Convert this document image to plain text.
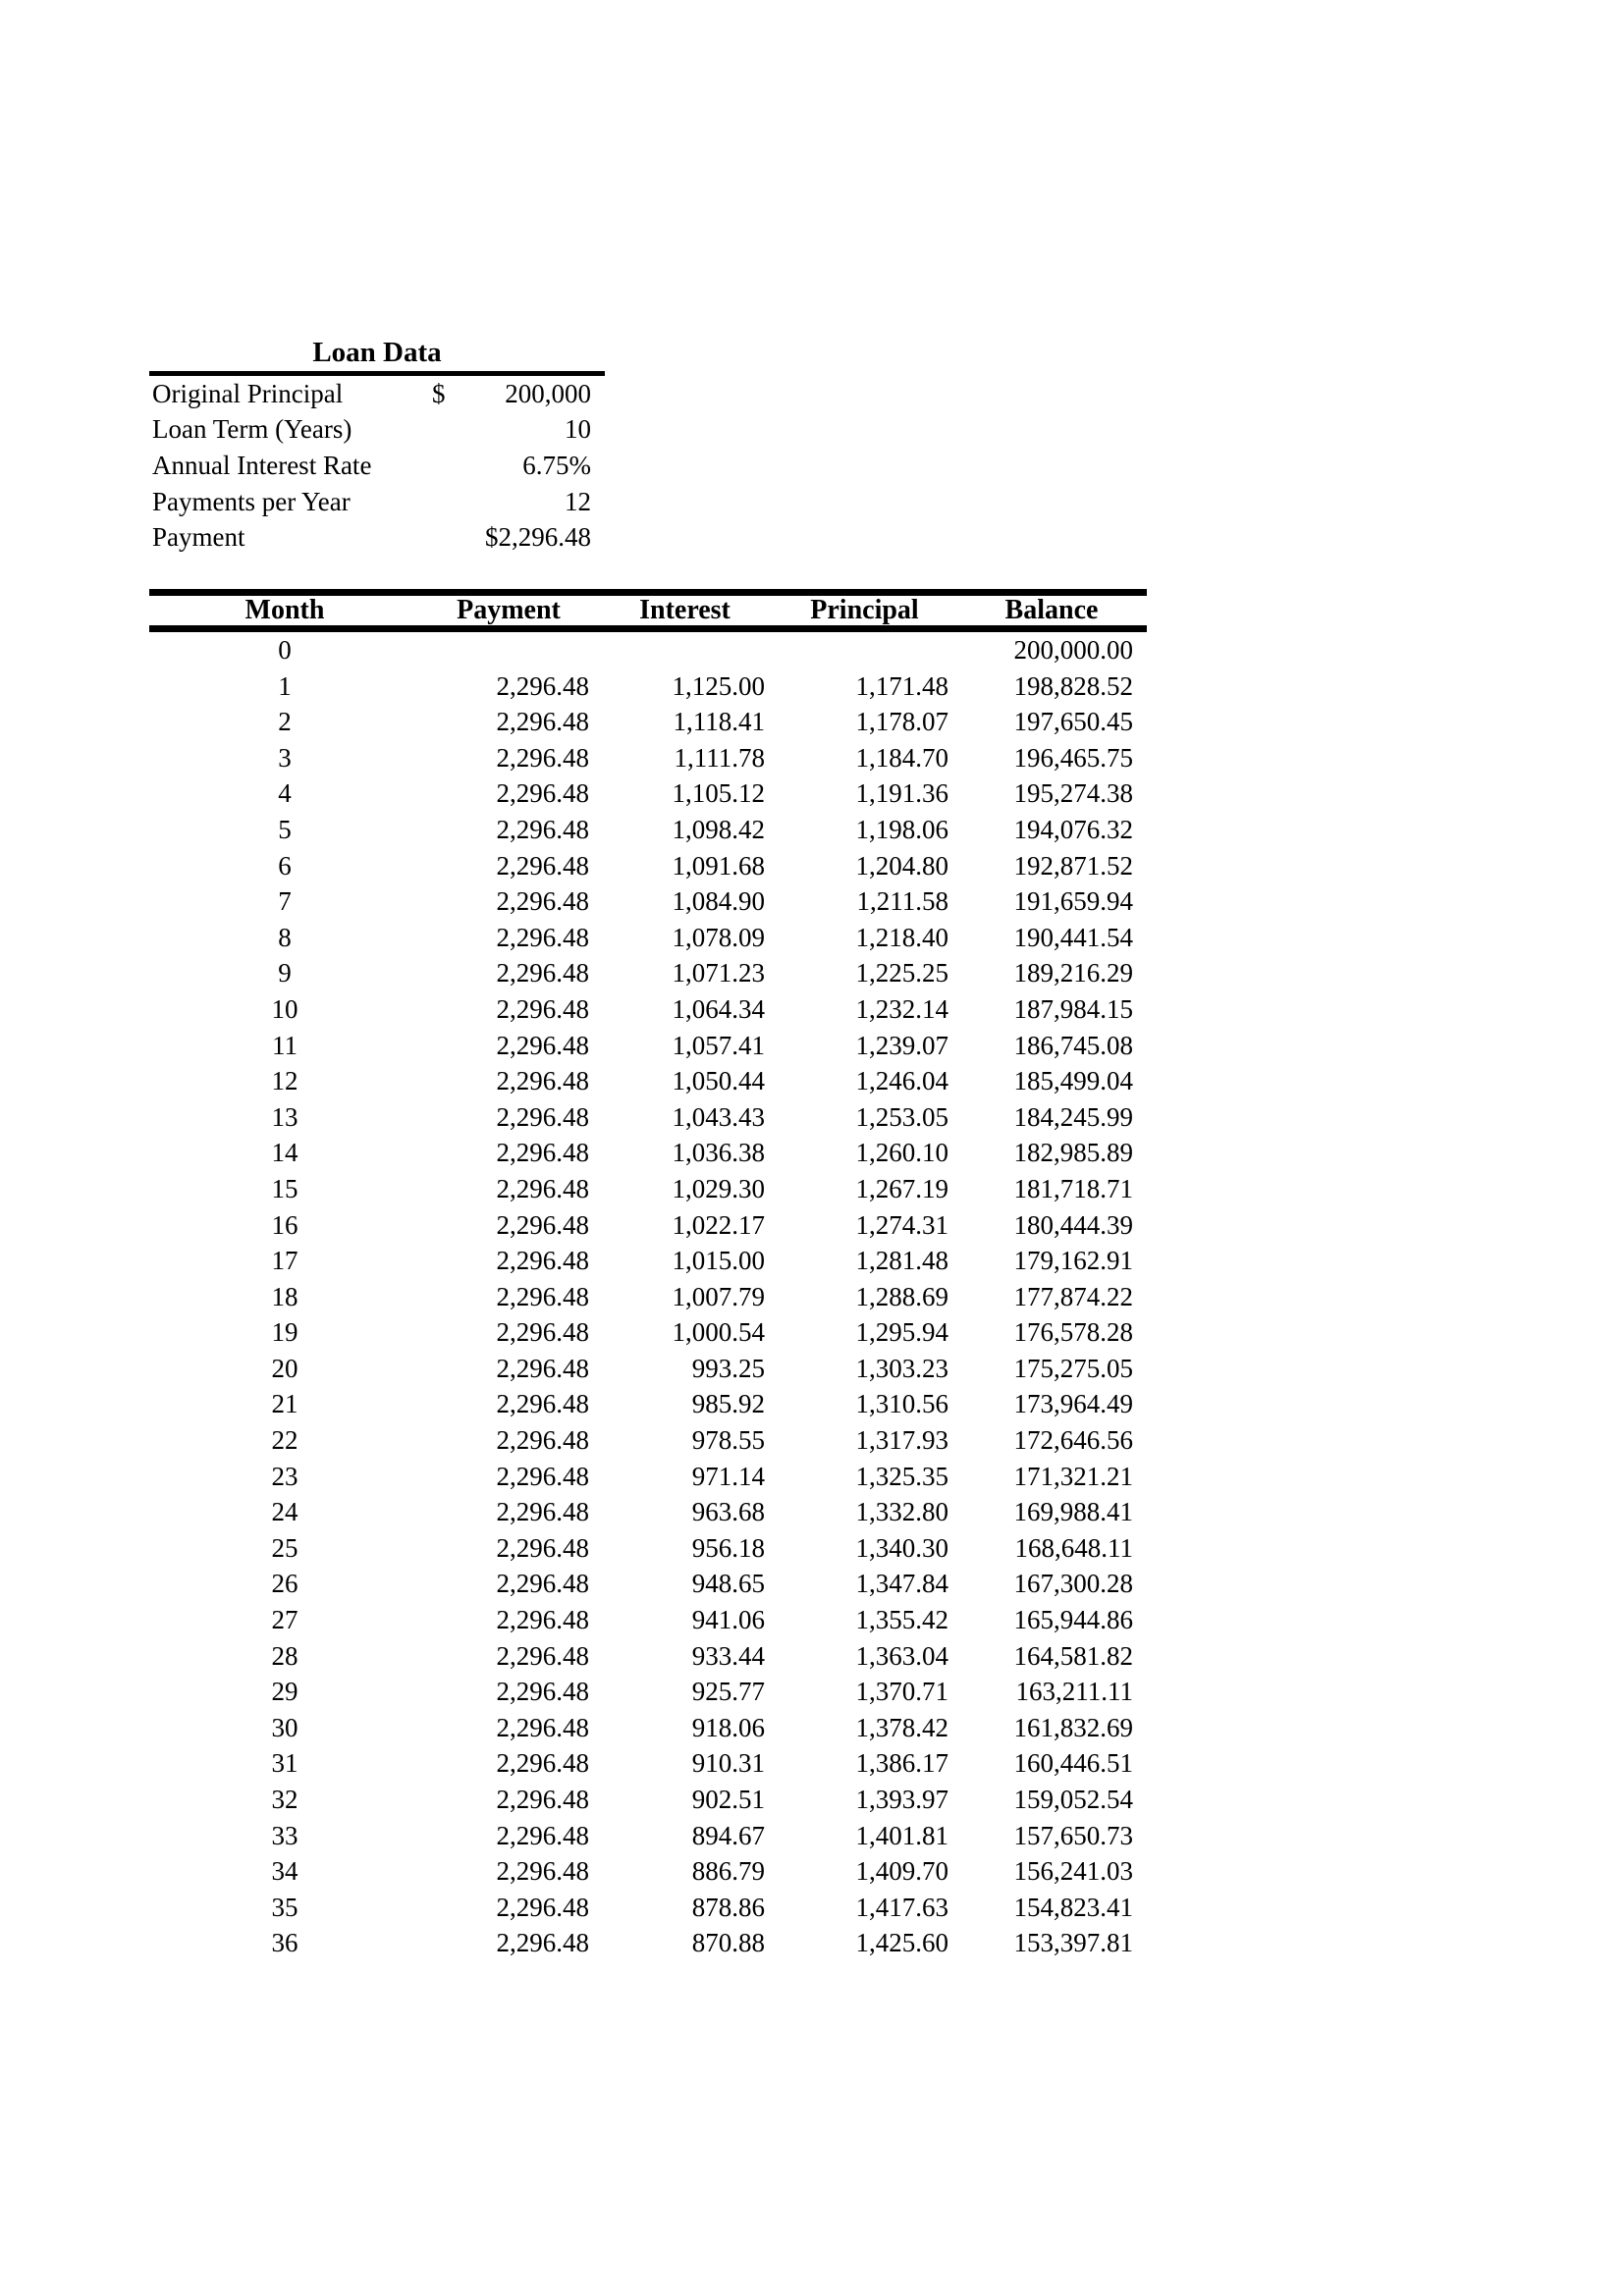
Loan Data
Original Principal	$	200,000
Loan Term (Years)	10
Annual Interest Rate	6.75%
Payments per Year	12
Payment	$2,296.48
Month	Payment	Interest	Principal	Balance
0				200,000.00
1	2,296.48	1,125.00	1,171.48	198,828.52
2	2,296.48	1,118.41	1,178.07	197,650.45
3	2,296.48	1,111.78	1,184.70	196,465.75
4	2,296.48	1,105.12	1,191.36	195,274.38
5	2,296.48	1,098.42	1,198.06	194,076.32
6	2,296.48	1,091.68	1,204.80	192,871.52
7	2,296.48	1,084.90	1,211.58	191,659.94
8	2,296.48	1,078.09	1,218.40	190,441.54
9	2,296.48	1,071.23	1,225.25	189,216.29
10	2,296.48	1,064.34	1,232.14	187,984.15
11	2,296.48	1,057.41	1,239.07	186,745.08
12	2,296.48	1,050.44	1,246.04	185,499.04
13	2,296.48	1,043.43	1,253.05	184,245.99
14	2,296.48	1,036.38	1,260.10	182,985.89
15	2,296.48	1,029.30	1,267.19	181,718.71
16	2,296.48	1,022.17	1,274.31	180,444.39
17	2,296.48	1,015.00	1,281.48	179,162.91
18	2,296.48	1,007.79	1,288.69	177,874.22
19	2,296.48	1,000.54	1,295.94	176,578.28
20	2,296.48	993.25	1,303.23	175,275.05
21	2,296.48	985.92	1,310.56	173,964.49
22	2,296.48	978.55	1,317.93	172,646.56
23	2,296.48	971.14	1,325.35	171,321.21
24	2,296.48	963.68	1,332.80	169,988.41
25	2,296.48	956.18	1,340.30	168,648.11
26	2,296.48	948.65	1,347.84	167,300.28
27	2,296.48	941.06	1,355.42	165,944.86
28	2,296.48	933.44	1,363.04	164,581.82
29	2,296.48	925.77	1,370.71	163,211.11
30	2,296.48	918.06	1,378.42	161,832.69
31	2,296.48	910.31	1,386.17	160,446.51
32	2,296.48	902.51	1,393.97	159,052.54
33	2,296.48	894.67	1,401.81	157,650.73
34	2,296.48	886.79	1,409.70	156,241.03
35	2,296.48	878.86	1,417.63	154,823.41
36	2,296.48	870.88	1,425.60	153,397.81
